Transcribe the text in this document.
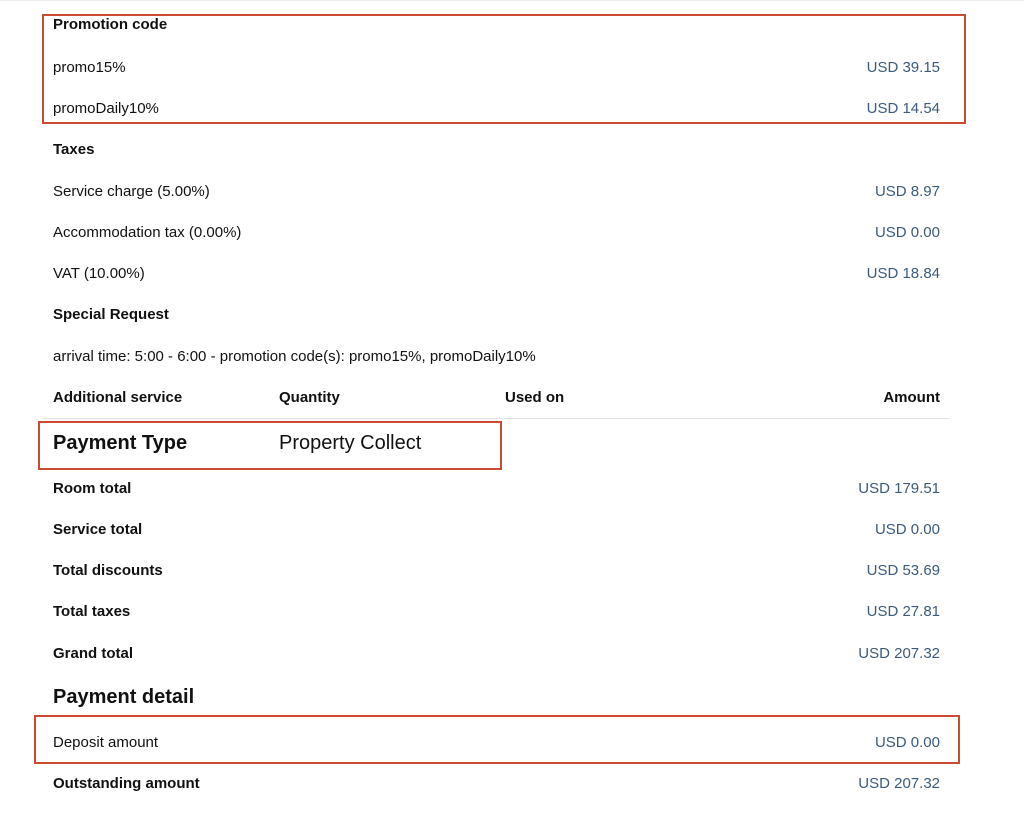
Promotion code
promo15%	USD 39.15
promoDaily10%	USD 14.54
Taxes
Service charge (5.00%)	USD 8.97
Accommodation tax (0.00%)	USD 0.00
VAT (10.00%)	USD 18.84
Special Request
arrival time: 5:00 - 6:00 - promotion code(s): promo15%, promoDaily10%
Additional service	Quantity	Used on	Amount
Payment Type	Property Collect
Room total	USD 179.51
Service total	USD 0.00
Total discounts	USD 53.69
Total taxes	USD 27.81
Grand total	USD 207.32
Payment detail
Deposit amount	USD 0.00
Outstanding amount	USD 207.32
